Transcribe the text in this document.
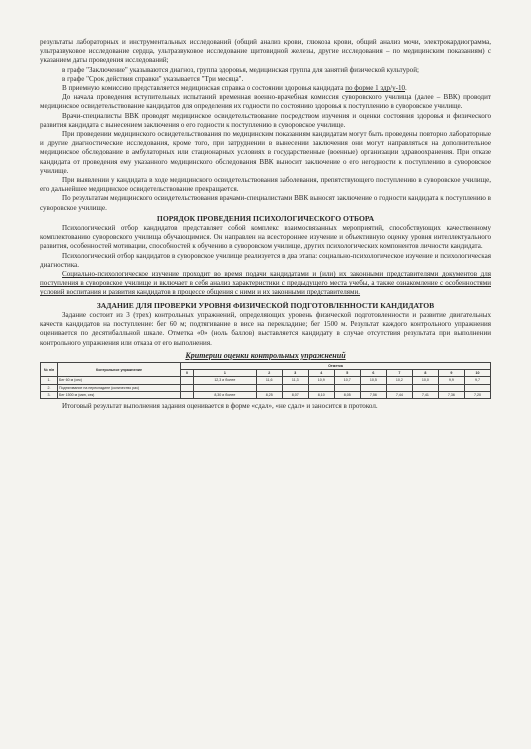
результаты лабораторных и инструментальных исследований (общий анализ крови, глюкоза крови, общий анализ мочи, электрокардиограмма, ультразвуковое исследование сердца, ультразвуковое исследование щитовидной железы, другие исследования – по медицинским показаниям) с указанием даты проведения исследований;

в графе "Заключение" указываются диагноз, группа здоровья, медицинская группа для занятий физической культурой;

в графе "Срок действия справки" указывается "Три месяца".

В приемную комиссию представляется медицинская справка о состоянии здоровья кандидата по форме 1 здр/у-10.

До начала проведения вступительных испытаний временная военно-врачебная комиссия суворовского училища (далее – ВВК) проводит медицинское освидетельствование кандидатов для определения их годности по состоянию здоровья к поступлению в суворовское училище.

Врачи-специалисты ВВК проводят медицинское освидетельствование посредством изучения и оценки состояния здоровья и физического развития кандидата с вынесением заключения о его годности к поступлению в суворовское училище.

При проведении медицинского освидетельствования по медицинским показаниям кандидатам могут быть проведены повторно лабораторные и другие диагностические исследования, кроме того, при затруднении в вынесении заключения они могут направляться на дополнительное медицинское обследование в амбулаторных или стационарных условиях в государственные (военные) организации здравоохранения. При отказе кандидата от проведения ему указанного медицинского обследования ВВК выносит заключение о его негодности к поступлению в суворовское училище.

При выявлении у кандидата в ходе медицинского освидетельствования заболевания, препятствующего поступлению в суворовское училище, его дальнейшее медицинское освидетельствование прекращается.

По результатам медицинского освидетельствования врачами-специалистами ВВК выносят заключение о годности кандидата к поступлению в суворовское училище.

ПОРЯДОК ПРОВЕДЕНИЯ ПСИХОЛОГИЧЕСКОГО ОТБОРА

Психологический отбор кандидатов представляет собой комплекс взаимосвязанных мероприятий, способствующих качественному комплектованию суворовского училища обучающимися. Он направлен на всестороннее изучение и объективную оценку уровня интеллектуального развития, особенностей мотивации, способностей к обучению в суворовском училище, других психологических компонентов личности кандидата.

Психологический отбор кандидатов в суворовское училище реализуется в два этапа: социально-психологическое изучение и психологическая диагностика.

Социально-психологическое изучение проходит во время подачи кандидатами и (или) их законными представителями документов для поступления в суворовское училище и включает в себя анализ характеристики с предыдущего места учебы, а также ознакомление с особенностями условий воспитания и развития кандидатов в процессе общения с ними и их законными представителями.

ЗАДАНИЕ ДЛЯ ПРОВЕРКИ УРОВНЯ ФИЗИЧЕСКОЙ ПОДГОТОВЛЕННОСТИ КАНДИДАТОВ

Задание состоит из 3 (трех) контрольных упражнений, определяющих уровень физической подготовленности и развитие двигательных качеств кандидатов на поступление: бег 60 м; подтягивание в висе на перекладине; бег 1500 м. Результат каждого контрольного упражнения оценивается по десятибалльной шкале. Отметка «0» (ноль баллов) выставляется кандидату в случае отсутствия результата при выполнении контрольного упражнения или отказа от его выполнения.

Критерии оценки контрольных упражнений

№ п/п	Контрольное упражнение	Отметка										
		0	1	2	3	4	5	6	7	8	9	10
1.	Бег 60 м (сек)		12,3 и более	11,6	11,3	10,9	10,7	10,5	10,2	10,0	9,9	9,7
2.	Подтягивание на перекладине (количество раз)											
3.	Бег 1500 м (мин, сек)		8,30 и более	8,25	8,07	8,10	8,05	7,56	7,44	7,41	7,36	7,20

Итоговый результат выполнения задания оценивается в форме «сдал», «не сдал» и заносится в протокол.
